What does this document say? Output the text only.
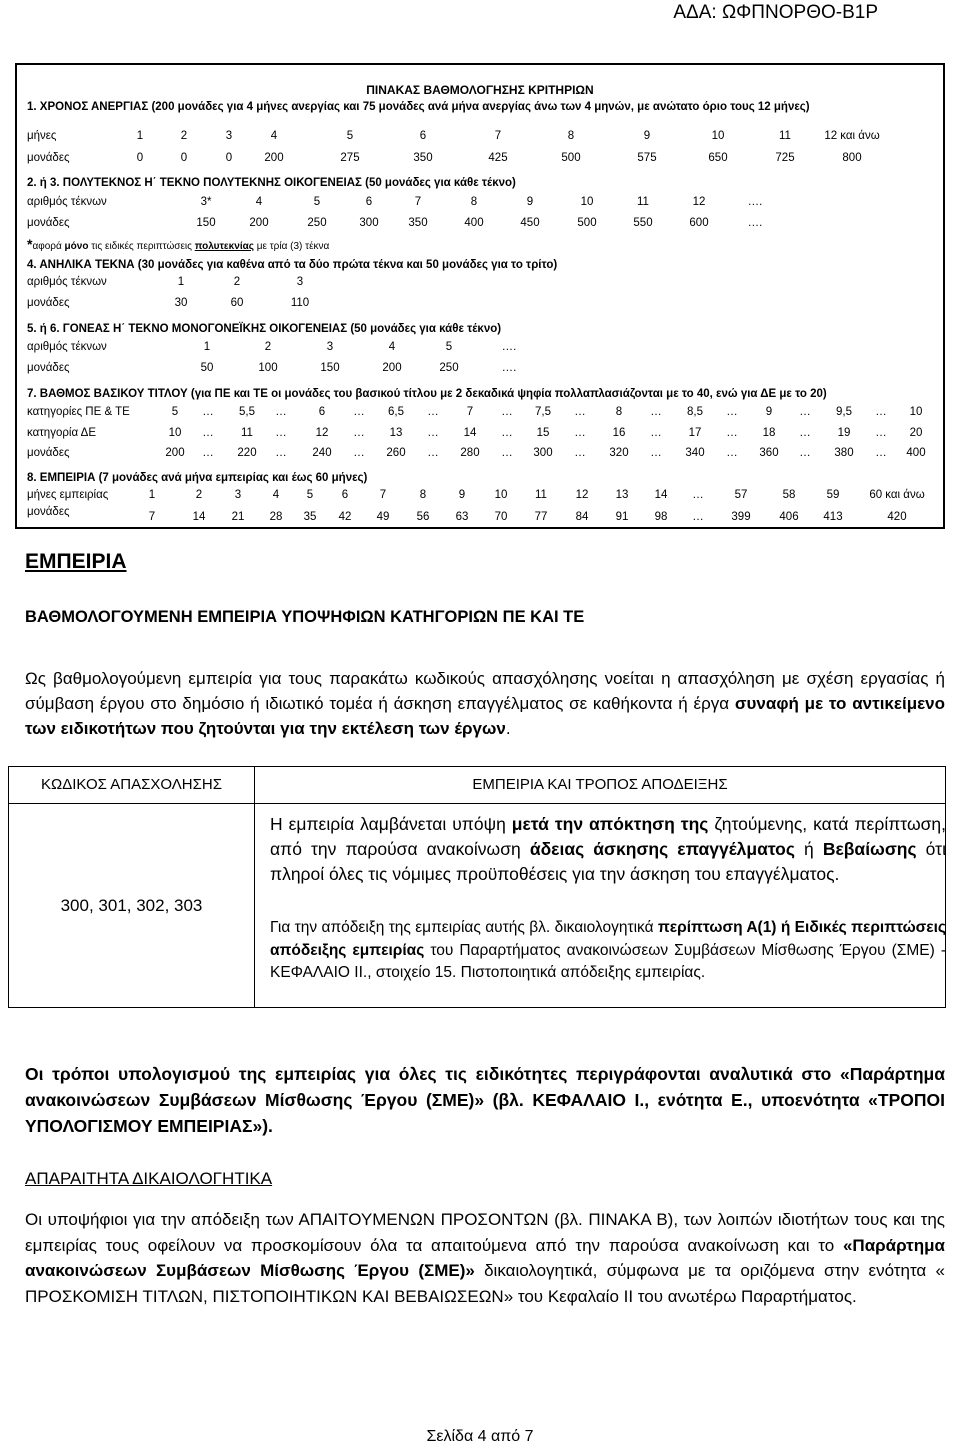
ΑΔΑ: ΩΦΠΝΟΡΘΟ-Β1Ρ
ΠΙΝΑΚΑΣ ΒΑΘΜΟΛΟΓΗΣΗΣ ΚΡΙΤΗΡΙΩΝ
1. ΧΡΟΝΟΣ ΑΝΕΡΓΙΑΣ (200 μονάδες για 4 μήνες ανεργίας και 75 μονάδες ανά μήνα ανεργίας άνω των 4 μηνών, με ανώτατο όριο τους 12 μήνες)
μήνες	1	2	3	4	5	6	7	8	9	10	11	12 και άνω
μονάδες	0	0	0	200	275	350	425	500	575	650	725	800
2. ή 3. ΠΟΛΥΤΕΚΝΟΣ Η΄ ΤΕΚΝΟ ΠΟΛΥΤΕΚΝΗΣ ΟΙΚΟΓΕΝΕΙΑΣ (50 μονάδες για κάθε τέκνο)
αριθμός τέκνων	3*	4	5	6	7	8	9	10	11	12	….
μονάδες	150	200	250	300	350	400	450	500	550	600	….
*αφορά μόνο τις ειδικές περιπτώσεις πολυτεκνίας με τρία (3) τέκνα
4. ΑΝΗΛΙΚΑ ΤΕΚΝΑ (30 μονάδες για καθένα από τα δύο πρώτα τέκνα και 50 μονάδες για το τρίτο)
αριθμός τέκνων	1	2	3
μονάδες	30	60	110
5. ή 6. ΓΟΝΕΑΣ Η΄ ΤΕΚΝΟ ΜΟΝΟΓΟΝΕΪΚΗΣ ΟΙΚΟΓΕΝΕΙΑΣ (50 μονάδες για κάθε τέκνο)
αριθμός τέκνων	1	2	3	4	5	….
μονάδες	50	100	150	200	250	….
7. ΒΑΘΜΟΣ ΒΑΣΙΚΟΥ ΤΙΤΛΟΥ (για ΠΕ και ΤΕ οι μονάδες του βασικού τίτλου με 2 δεκαδικά ψηφία πολλαπλασιάζονται με το 40, ενώ για ΔΕ με το 20)
κατηγορίες ΠΕ & ΤΕ	5	…	5,5	…	6	…	6,5	…	7	…	7,5	…	8	…	8,5	…	9	…	9,5	…	10
κατηγορία ΔΕ	10	…	11	…	12	…	13	…	14	…	15	…	16	…	17	…	18	…	19	…	20
μονάδες	200	…	220	…	240	…	260	…	280	…	300	…	320	…	340	…	360	…	380	…	400
8. ΕΜΠΕΙΡΙΑ (7 μονάδες ανά μήνα εμπειρίας και έως 60 μήνες)
μήνες εμπειρίας	1	2	3	4	5	6	7	8	9	10	11	12	13	14	…	57	58	59	60 και άνω
μονάδες	7	14	21	28	35	42	49	56	63	70	77	84	91	98	…	399	406	413	420
ΕΜΠΕΙΡΙΑ
ΒΑΘΜΟΛΟΓΟΥΜΕΝΗ ΕΜΠΕΙΡΙΑ ΥΠΟΨΗΦΙΩΝ ΚΑΤΗΓΟΡΙΩΝ ΠΕ ΚΑΙ ΤΕ
Ως βαθμολογούμενη εμπειρία για τους παρακάτω κωδικούς απασχόλησης νοείται η απασχόληση με σχέση εργασίας ή σύμβαση έργου στο δημόσιο ή ιδιωτικό τομέα ή άσκηση επαγγέλματος σε καθήκοντα ή έργα συναφή με το αντικείμενο των ειδικοτήτων που ζητούνται για την εκτέλεση των έργων.
ΚΩΔΙΚΟΣ ΑΠΑΣΧΟΛΗΣΗΣ	ΕΜΠΕΙΡΙΑ ΚΑΙ ΤΡΟΠΟΣ ΑΠΟΔΕΙΞΗΣ
300, 301, 302, 303
Η εμπειρία λαμβάνεται υπόψη μετά την απόκτηση της ζητούμενης, κατά περίπτωση, από την παρούσα ανακοίνωση άδειας άσκησης επαγγέλματος ή Βεβαίωσης ότι πληροί όλες τις νόμιμες προϋποθέσεις για την άσκηση του επαγγέλματος.
Για την απόδειξη της εμπειρίας αυτής βλ. δικαιολογητικά περίπτωση Α(1) ή Ειδικές περιπτώσεις απόδειξης εμπειρίας του Παραρτήματος ανακοινώσεων Συμβάσεων Μίσθωσης Έργου (ΣΜΕ) - ΚΕΦΑΛΑΙΟ ΙΙ., στοιχείο 15. Πιστοποιητικά απόδειξης εμπειρίας.
Οι τρόποι υπολογισμού της εμπειρίας για όλες τις ειδικότητες περιγράφονται αναλυτικά στο «Παράρτημα ανακοινώσεων Συμβάσεων Μίσθωσης Έργου (ΣΜΕ)» (βλ. ΚΕΦΑΛΑΙΟ Ι., ενότητα Ε., υποενότητα «ΤΡΟΠΟΙ ΥΠΟΛΟΓΙΣΜΟΥ ΕΜΠΕΙΡΙΑΣ»).
ΑΠΑΡΑΙΤΗΤΑ ΔΙΚΑΙΟΛΟΓΗΤΙΚΑ
Οι υποψήφιοι για την απόδειξη των ΑΠΑΙΤΟΥΜΕΝΩΝ ΠΡΟΣΟΝΤΩΝ (βλ. ΠΙΝΑΚΑ Β), των λοιπών ιδιοτήτων τους και της εμπειρίας τους οφείλουν να προσκομίσουν όλα τα απαιτούμενα από την παρούσα ανακοίνωση και το «Παράρτημα ανακοινώσεων Συμβάσεων Μίσθωσης Έργου (ΣΜΕ)» δικαιολογητικά, σύμφωνα με τα οριζόμενα στην ενότητα « ΠΡΟΣΚΟΜΙΣΗ ΤΙΤΛΩΝ, ΠΙΣΤΟΠΟΙΗΤΙΚΩΝ ΚΑΙ ΒΕΒΑΙΩΣΕΩΝ» του Κεφαλαίο ΙΙ του ανωτέρω Παραρτήματος.
Σελίδα 4 από 7
